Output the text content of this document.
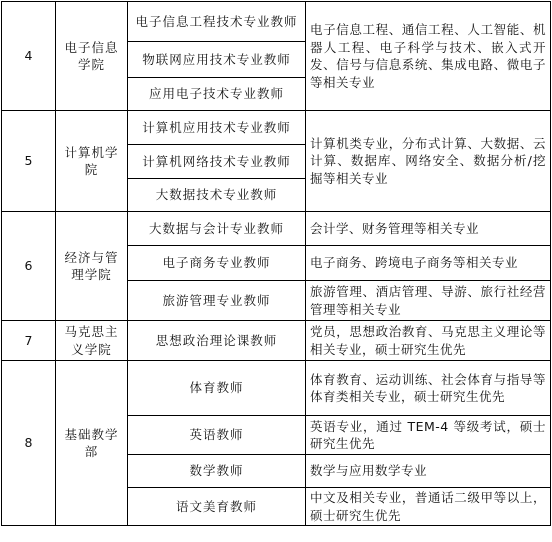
4	电子信息学院	电子信息工程技术专业教师	电子信息工程、通信工程、人工智能、机器人工程、电子科学与技术、嵌入式开发、信号与信息系统、集成电路、微电子等相关专业
		物联网应用技术专业教师	
		应用电子技术专业教师	
5	计算机学院	计算机应用技术专业教师	计算机类专业，分布式计算、大数据、云计算、数据库、网络安全、数据分析/挖掘等相关专业
		计算机网络技术专业教师	
		大数据技术专业教师	
6	经济与管理学院	大数据与会计专业教师	会计学、财务管理等相关专业
		电子商务专业教师	电子商务、跨境电子商务等相关专业
		旅游管理专业教师	旅游管理、酒店管理、导游、旅行社经营管理等相关专业
7	马克思主义学院	思想政治理论课教师	党员，思想政治教育、马克思主义理论等相关专业，硕士研究生优先
8	基础教学部	体育教师	体育教育、运动训练、社会体育与指导等体育类相关专业，硕士研究生优先
		英语教师	英语专业，通过 TEM-4 等级考试，硕士研究生优先
		数学教师	数学与应用数学专业
		语文美育教师	中文及相关专业，普通话二级甲等以上，硕士研究生优先
